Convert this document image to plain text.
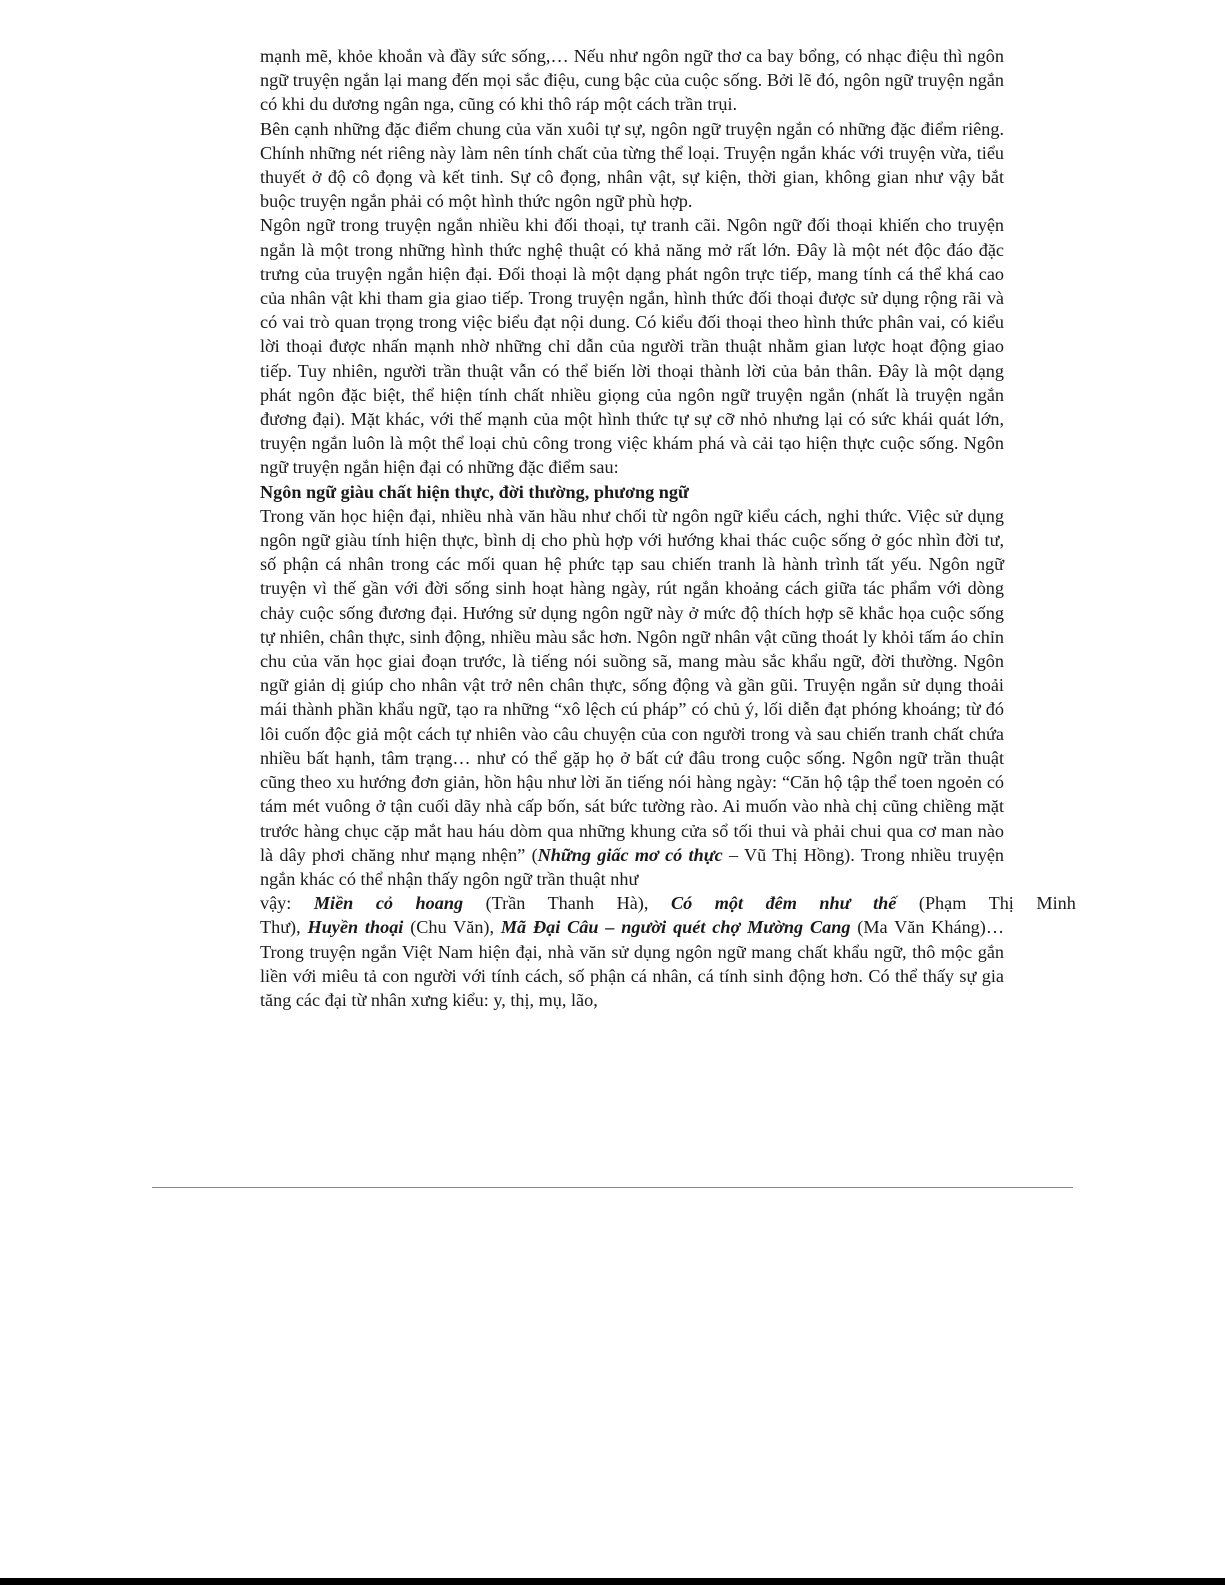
mạnh mẽ, khỏe khoắn và đầy sức sống,… Nếu như ngôn ngữ thơ ca bay bổng, có nhạc điệu thì ngôn ngữ truyện ngắn lại mang đến mọi sắc điệu, cung bậc của cuộc sống. Bởi lẽ đó, ngôn ngữ truyện ngắn có khi du dương ngân nga, cũng có khi thô ráp một cách trần trụi.

Bên cạnh những đặc điểm chung của văn xuôi tự sự, ngôn ngữ truyện ngắn có những đặc điểm riêng. Chính những nét riêng này làm nên tính chất của từng thể loại. Truyện ngắn khác với truyện vừa, tiểu thuyết ở độ cô đọng và kết tinh. Sự cô đọng, nhân vật, sự kiện, thời gian, không gian như vậy bắt buộc truyện ngắn phải có một hình thức ngôn ngữ phù hợp.

Ngôn ngữ trong truyện ngắn nhiều khi đối thoại, tự tranh cãi. Ngôn ngữ đối thoại khiến cho truyện ngắn là một trong những hình thức nghệ thuật có khả năng mở rất lớn. Đây là một nét độc đáo đặc trưng của truyện ngắn hiện đại. Đối thoại là một dạng phát ngôn trực tiếp, mang tính cá thể khá cao của nhân vật khi tham gia giao tiếp. Trong truyện ngắn, hình thức đối thoại được sử dụng rộng rãi và có vai trò quan trọng trong việc biểu đạt nội dung. Có kiểu đối thoại theo hình thức phân vai, có kiểu lời thoại được nhấn mạnh nhờ những chỉ dẫn của người trần thuật nhằm gian lược hoạt động giao tiếp. Tuy nhiên, người trần thuật vẫn có thể biến lời thoại thành lời của bản thân. Đây là một dạng phát ngôn đặc biệt, thể hiện tính chất nhiều giọng của ngôn ngữ truyện ngắn (nhất là truyện ngắn đương đại). Mặt khác, với thế mạnh của một hình thức tự sự cỡ nhỏ nhưng lại có sức khái quát lớn, truyện ngắn luôn là một thể loại chủ công trong việc khám phá và cải tạo hiện thực cuộc sống. Ngôn ngữ truyện ngắn hiện đại có những đặc điểm sau:

Ngôn ngữ giàu chất hiện thực, đời thường, phương ngữ

Trong văn học hiện đại, nhiều nhà văn hầu như chối từ ngôn ngữ kiểu cách, nghi thức. Việc sử dụng ngôn ngữ giàu tính hiện thực, bình dị cho phù hợp với hướng khai thác cuộc sống ở góc nhìn đời tư, số phận cá nhân trong các mối quan hệ phức tạp sau chiến tranh là hành trình tất yếu. Ngôn ngữ truyện vì thế gần với đời sống sinh hoạt hàng ngày, rút ngắn khoảng cách giữa tác phẩm với dòng chảy cuộc sống đương đại. Hướng sử dụng ngôn ngữ này ở mức độ thích hợp sẽ khắc họa cuộc sống tự nhiên, chân thực, sinh động, nhiều màu sắc hơn. Ngôn ngữ nhân vật cũng thoát ly khỏi tấm áo chỉn chu của văn học giai đoạn trước, là tiếng nói suồng sã, mang màu sắc khẩu ngữ, đời thường. Ngôn ngữ giản dị giúp cho nhân vật trở nên chân thực, sống động và gần gũi. Truyện ngắn sử dụng thoải mái thành phần khẩu ngữ, tạo ra những “xô lệch cú pháp” có chủ ý, lối diễn đạt phóng khoáng; từ đó lôi cuốn độc giả một cách tự nhiên vào câu chuyện của con người trong và sau chiến tranh chất chứa nhiều bất hạnh, tâm trạng… như có thể gặp họ ở bất cứ đâu trong cuộc sống. Ngôn ngữ trần thuật cũng theo xu hướng đơn giản, hồn hậu như lời ăn tiếng nói hàng ngày: “Căn hộ tập thể toen ngoẻn có tám mét vuông ở tận cuối dãy nhà cấp bốn, sát bức tường rào. Ai muốn vào nhà chị cũng chiềng mặt trước hàng chục cặp mắt hau háu dòm qua những khung cửa sổ tối thui và phải chui qua cơ man nào là dây phơi chăng như mạng nhện” (Những giấc mơ có thực – Vũ Thị Hồng). Trong nhiều truyện ngắn khác có thể nhận thấy ngôn ngữ trần thuật như

vậy: Miền cỏ hoang (Trần Thanh Hà), Có một đêm như thế (Phạm Thị Minh

Thư), Huyền thoại (Chu Văn), Mã Đại Câu – người quét chợ Mường Cang (Ma Văn Kháng)… Trong truyện ngắn Việt Nam hiện đại, nhà văn sử dụng ngôn ngữ mang chất khẩu ngữ, thô mộc gắn liền với miêu tả con người với tính cách, số phận cá nhân, cá tính sinh động hơn. Có thể thấy sự gia tăng các đại từ nhân xưng kiểu: y, thị, mụ, lão,
